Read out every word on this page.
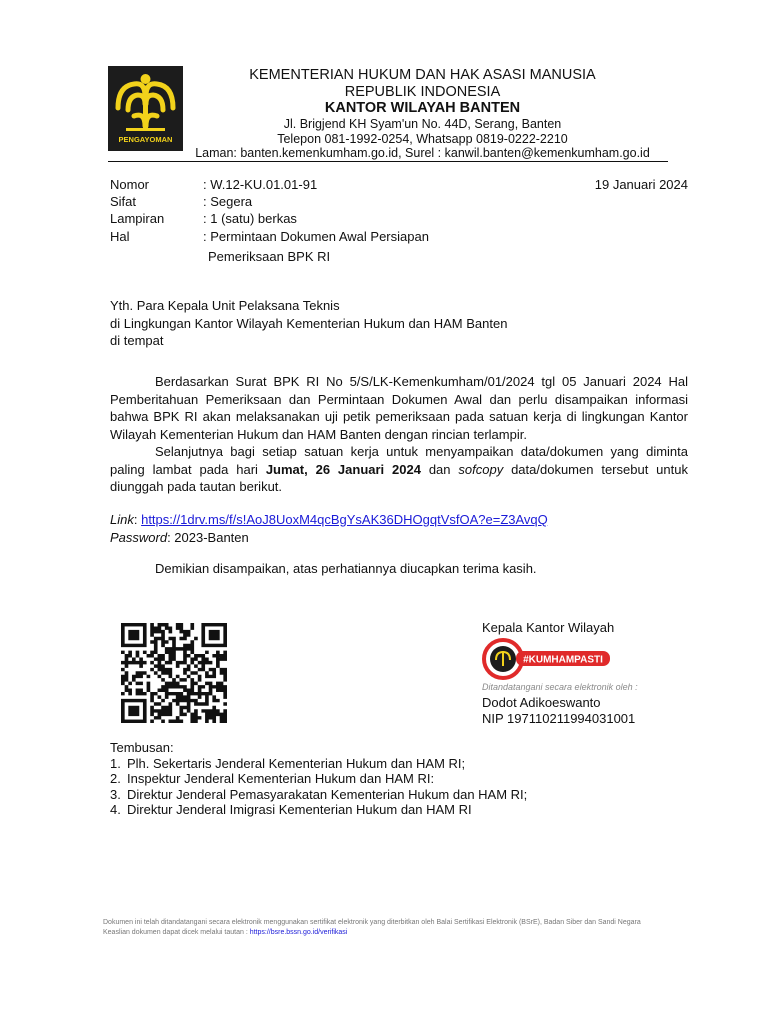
PENGAYOMAN
KEMENTERIAN HUKUM DAN HAK ASASI MANUSIA
REPUBLIK INDONESIA
KANTOR WILAYAH BANTEN
Jl. Brigjend KH Syam'un No. 44D, Serang, Banten
Telepon 081-1992-0254, Whatsapp 0819-0222-2210
Laman: banten.kemenkumham.go.id, Surel : kanwil.banten@kemenkumham.go.id
Nomor	: W.12-KU.01.01-91	19 Januari 2024
Sifat	: Segera
Lampiran	: 1 (satu) berkas
Hal	: Permintaan Dokumen Awal Persiapan
Pemeriksaan BPK RI
Yth. Para Kepala Unit Pelaksana Teknis
di Lingkungan Kantor Wilayah Kementerian Hukum dan HAM Banten
di tempat
Berdasarkan Surat BPK RI No 5/S/LK-Kemenkumham/01/2024 tgl 05 Januari 2024 Hal Pemberitahuan Pemeriksaan dan Permintaan Dokumen Awal dan perlu disampaikan informasi bahwa BPK RI akan melaksanakan uji petik pemeriksaan pada satuan kerja di lingkungan Kantor Wilayah Kementerian Hukum dan HAM Banten dengan rincian terlampir.
Selanjutnya bagi setiap satuan kerja untuk menyampaikan data/dokumen yang diminta paling lambat pada hari Jumat, 26 Januari 2024 dan sofcopy data/dokumen tersebut untuk diunggah pada tautan berikut.
Link: https://1drv.ms/f/s!AoJ8UoxM4qcBgYsAK36DHOgqtVsfOA?e=Z3AvqQ
Password: 2023-Banten
Demikian disampaikan, atas perhatiannya diucapkan terima kasih.
Kepala Kantor Wilayah
#KUMHAMPASTI
Ditandatangani secara elektronik oleh :
Dodot Adikoeswanto
NIP 197110211994031001
Tembusan:
1. Plh. Sekertaris Jenderal Kementerian Hukum dan HAM RI;
2. Inspektur Jenderal Kementerian Hukum dan HAM RI:
3. Direktur Jenderal Pemasyarakatan Kementerian Hukum dan HAM RI;
4. Direktur Jenderal Imigrasi Kementerian Hukum dan HAM RI
Dokumen ini telah ditandatangani secara elektronik menggunakan sertifikat elektronik yang diterbitkan oleh Balai Sertifikasi Elektronik (BSrE), Badan Siber dan Sandi Negara
Keaslian dokumen dapat dicek melalui tautan : https://bsre.bssn.go.id/verifikasi
